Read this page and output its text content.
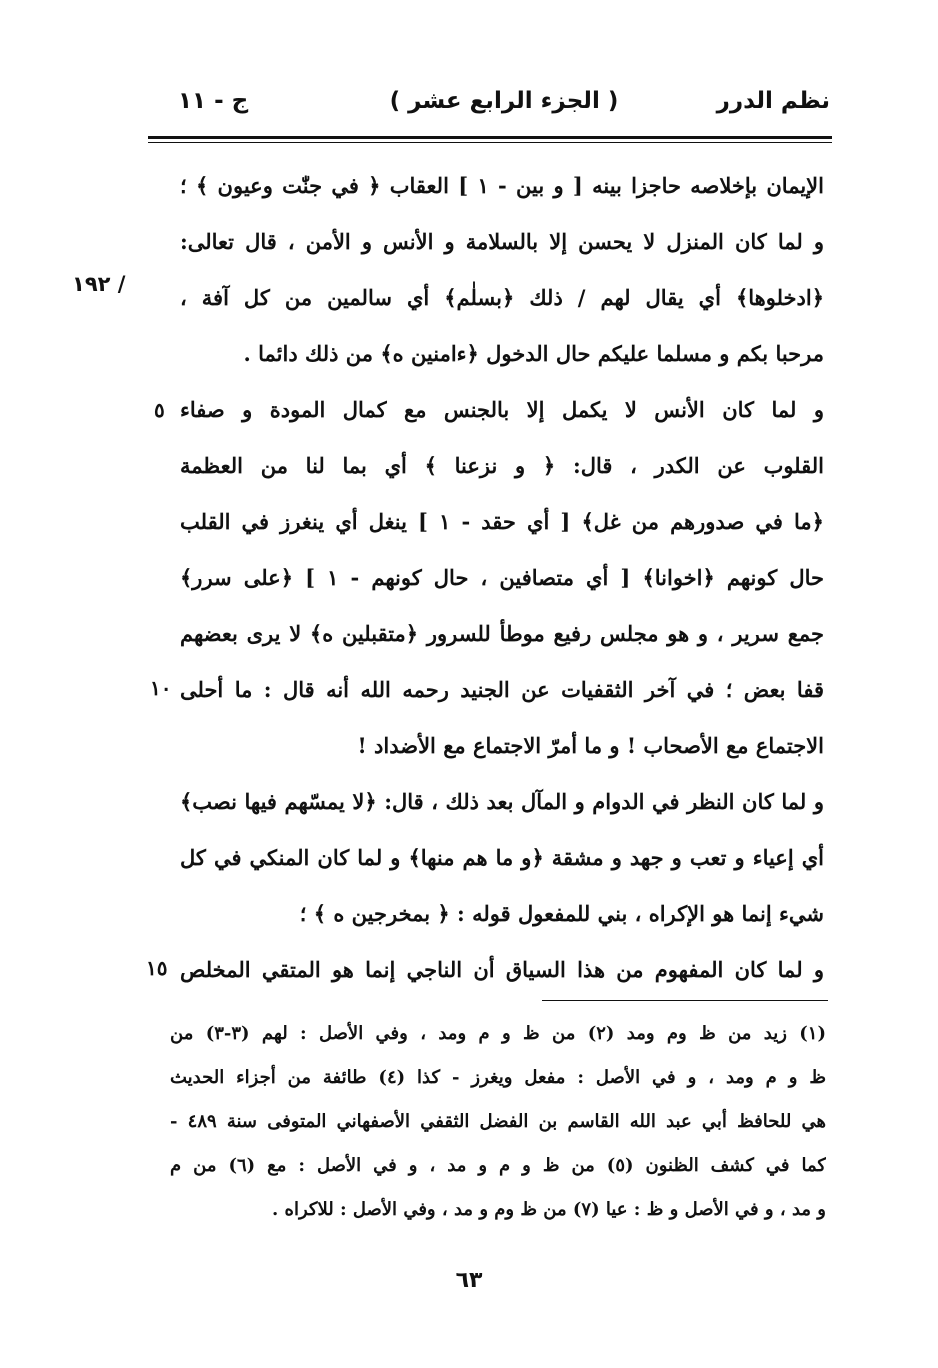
نظم الدرر
( الجزء الرابع عشر )
ج - ١١
/ ١٩٢
٥
١٠
١٥
الإيمان بإخلاصه حاجزا بينه [ و بين - ١ ] العقاب ﴿ في جنّٰت وعيون ﴾ ؛
و لما كان المنزل لا يحسن إلا بالسلامة و الأنس و الأمن ، قال تعالى:
﴿ادخلوها﴾ أي يقال لهم / ذلك ﴿بسلٰم﴾ أي سالمين من كل آفة ،
مرحبا بكم و مسلما عليكم حال الدخول ﴿ءامنين ه﴾ من ذلك دائما .
و لما كان الأنس لا يكمل إلا بالجنس مع كمال المودة و صفاء
القلوب عن الكدر ، قال: ﴿ و نزعنا ﴾ أي بما لنا من العظمة
﴿ما في صدورهم من غل﴾ [ أي حقد - ١ ] ينغل أي ينغرز في القلب
حال كونهم ﴿اخوانا﴾ [ أي متصافين ، حال كونهم - ١ ] ﴿على سرر﴾
جمع سرير ، و هو مجلس رفيع موطأ للسرور ﴿متقبلين ه﴾ لا يرى بعضهم
قفا بعض ؛ في آخر الثقفيات عن الجنيد رحمه الله أنه قال : ما أحلى
الاجتماع مع الأصحاب ! و ما أمرّ الاجتماع مع الأضداد !
و لما كان النظر في الدوام و المآل بعد ذلك ، قال: ﴿لا يمسّهم فيها نصب﴾
أي إعياء و تعب و جهد و مشقة ﴿و ما هم منها﴾ و لما كان المنكي في كل
شيء إنما هو الإكراه ، بني للمفعول قوله : ﴿ بمخرجين ه ﴾ ؛
و لما كان المفهوم من هذا السياق أن الناجي إنما هو المتقي المخلص
(١) زيد من ظ وم ومد (٢) من ظ و م ومد ، وفي الأصل : لهم (٣-٣) من
ظ و م ومد ، و في الأصل : مفعل ويغرز - كذا (٤) طائفة من أجزاء الحديث
هي للحافظ أبي عبد الله القاسم بن الفضل الثقفي الأصفهاني المتوفى سنة ٤٨٩ -
كما في كشف الظنون (٥) من ظ و م و مد ، و في الأصل : مع (٦) من م
و مد ، و في الأصل و ظ : عيا (٧) من ظ وم و مد ، وفي الأصل : للاكراه .
٦٣
